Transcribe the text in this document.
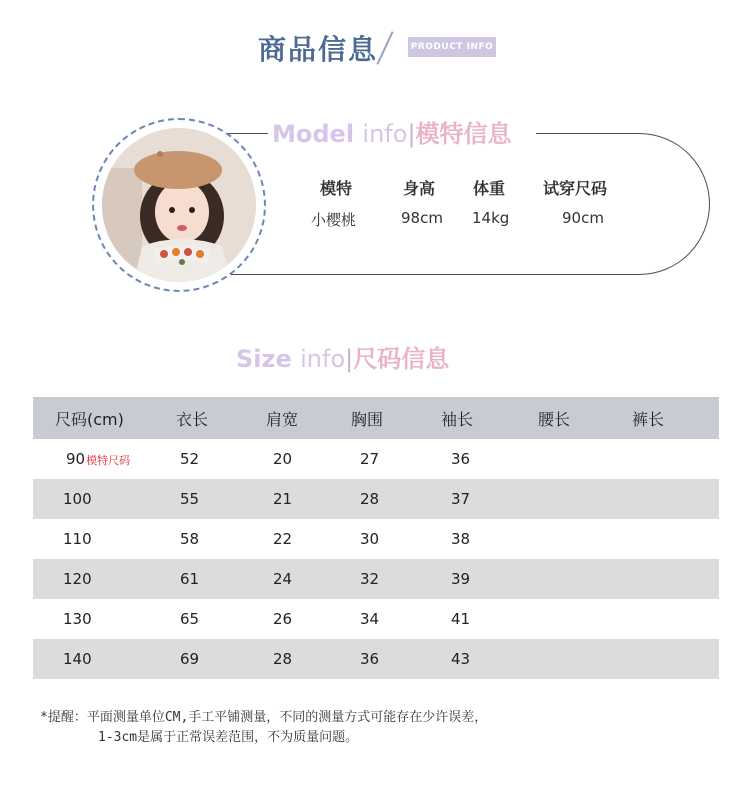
商品信息	PRODUCT INFO
Model info|模特信息
模特	身高 体重 试穿尺码
小樱桃	98cm 14kg	90cm
Size info|尺码信息
尺码(cm)	衣长	肩宽	胸围	袖长	腰长	裤长
90模特尺码	52	20	27	36
100	55	21	28	37
110	58	22	30	38
120	61	24	32	39
130	65	26	34	41
140	69	28	36	43
*提醒：平面测量单位CM,手工平铺测量，不同的测量方式可能存在少许误差，
1-3cm是属于正常误差范围，不为质量问题。
